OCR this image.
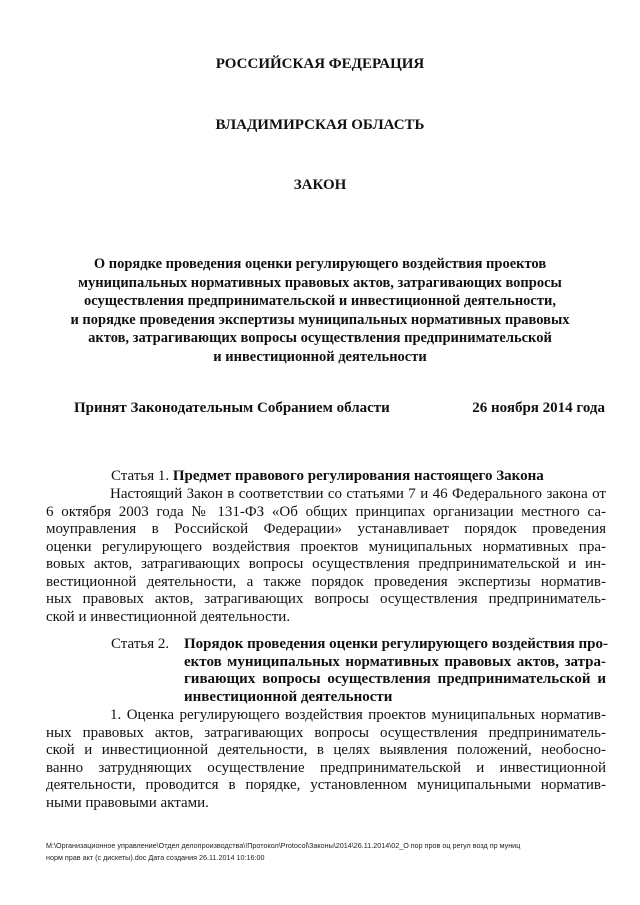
РОССИЙСКАЯ ФЕДЕРАЦИЯ
ВЛАДИМИРСКАЯ ОБЛАСТЬ
ЗАКОН
О порядке проведения оценки регулирующего воздействия проектов
муниципальных нормативных правовых актов, затрагивающих вопросы
осуществления предпринимательской и инвестиционной деятельности,
и порядке проведения экспертизы муниципальных нормативных правовых
актов, затрагивающих вопросы осуществления предпринимательской
и инвестиционной деятельности
Принят Законодательным Собранием области	26 ноября 2014 года
Статья 1. Предмет правового регулирования настоящего Закона
Настоящий Закон в соответствии со статьями 7 и 46 Федерального закона от
6 октября 2003 года № 131-ФЗ «Об общих принципах организации местного са-
моуправления в Российской Федерации» устанавливает порядок проведения
оценки регулирующего воздействия проектов муниципальных нормативных пра-
вовых актов, затрагивающих вопросы осуществления предпринимательской и ин-
вестиционной деятельности, а также порядок проведения экспертизы норматив-
ных правовых актов, затрагивающих вопросы осуществления предприниматель-
ской и инвестиционной деятельности.
Статья 2. Порядок проведения оценки регулирующего воздействия про-
ектов муниципальных нормативных правовых актов, затра-
гивающих вопросы осуществления предпринимательской и
инвестиционной деятельности
1. Оценка регулирующего воздействия проектов муниципальных норматив-
ных правовых актов, затрагивающих вопросы осуществления предприниматель-
ской и инвестиционной деятельности, в целях выявления положений, необосно-
ванно затрудняющих осуществление предпринимательской и инвестиционной
деятельности, проводится в порядке, установленном муниципальными норматив-
ными правовыми актами.
М:\Организационное управление\Отдел делопроизводства\!Протокол\Protocol\Законы\2014\26.11.2014\02_О пор пров оц регул возд пр муниц
норм прав акт (с дискеты).doc Дата создания 26.11.2014 10:16:00
